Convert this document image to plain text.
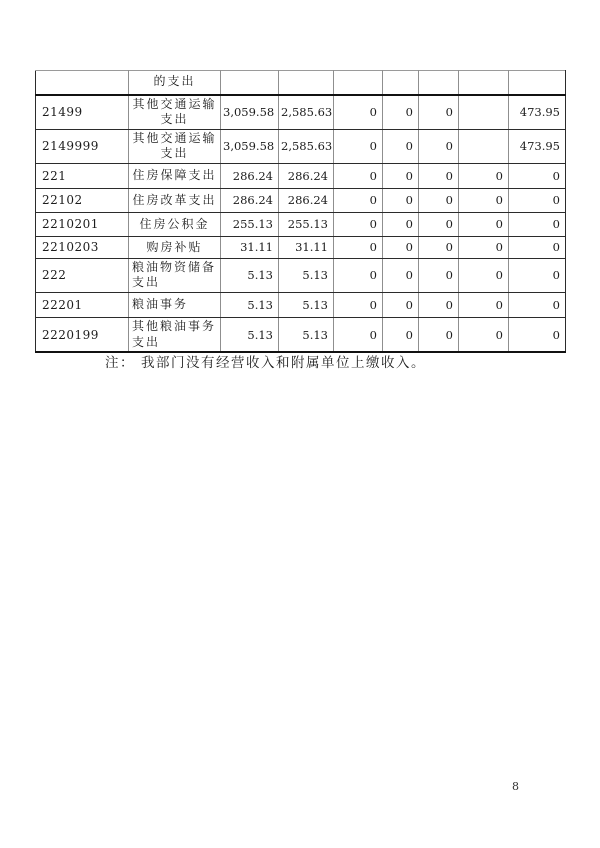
	的支出							
21499	其他交通运输支出	3,059.58	2,585.63	0	0	0		473.95
2149999	其他交通运输支出	3,059.58	2,585.63	0	0	0		473.95
221	住房保障支出	286.24	286.24	0	0	0	0	0
22102	住房改革支出	286.24	286.24	0	0	0	0	0
2210201	住房公积金	255.13	255.13	0	0	0	0	0
2210203	购房补贴	31.11	31.11	0	0	0	0	0
222	粮油物资储备支出	5.13	5.13	0	0	0	0	0
22201	粮油事务	5.13	5.13	0	0	0	0	0
2220199	其他粮油事务支出	5.13	5.13	0	0	0	0	0
注： 我部门没有经营收入和附属单位上缴收入。
8
